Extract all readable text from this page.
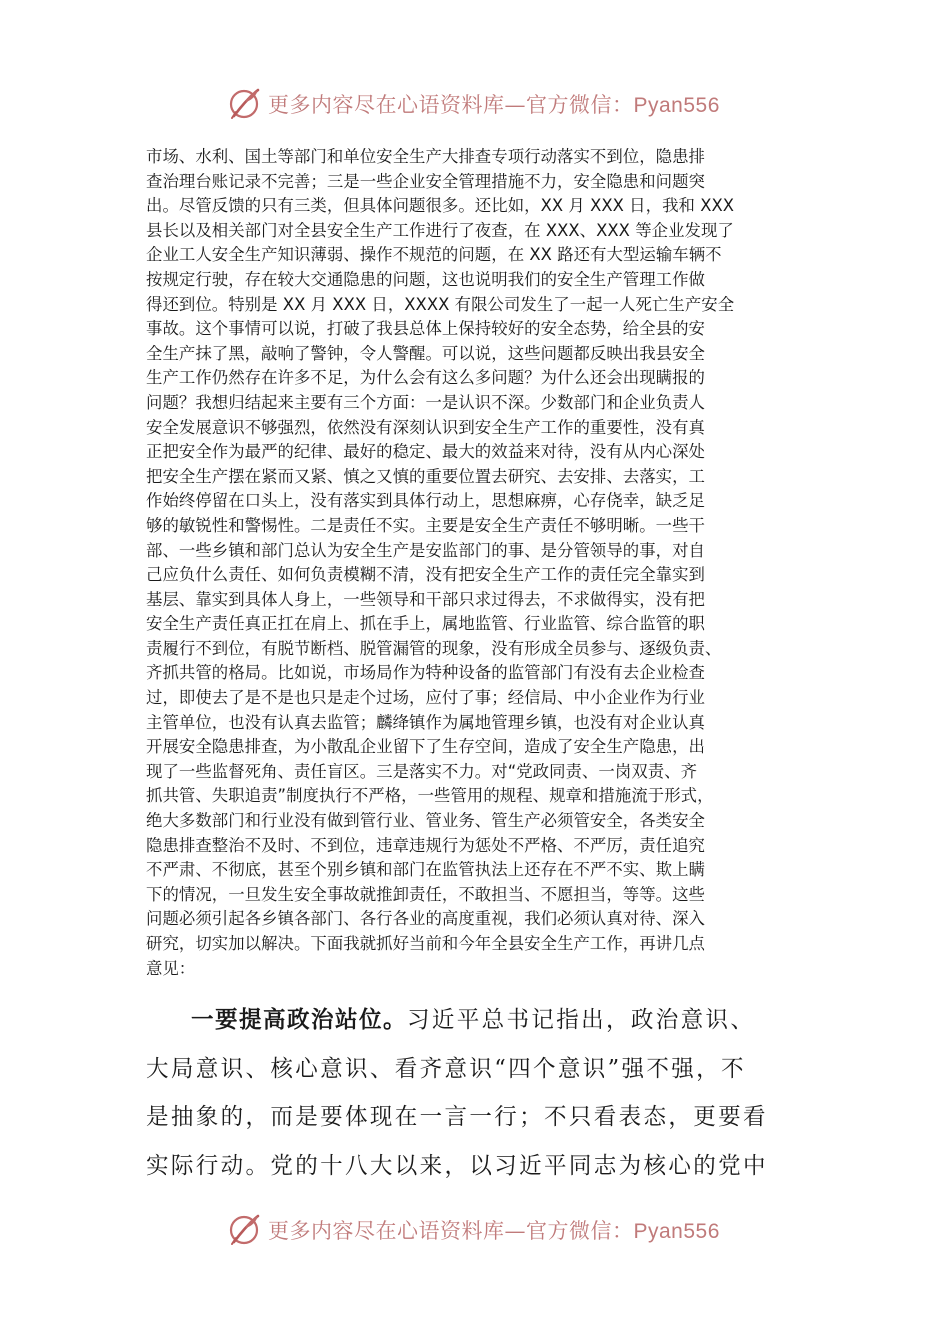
更多内容尽在心语资料库—官方微信：Pyan556
市场、水利、国土等部门和单位安全生产大排查专项行动落实不到位，隐患排
查治理台账记录不完善；三是一些企业安全管理措施不力，安全隐患和问题突
出。尽管反馈的只有三类，但具体问题很多。还比如，XX 月 XXX 日，我和 XXX
县长以及相关部门对全县安全生产工作进行了夜查，在 XXX、XXX 等企业发现了
企业工人安全生产知识薄弱、操作不规范的问题，在 XX 路还有大型运输车辆不
按规定行驶，存在较大交通隐患的问题，这也说明我们的安全生产管理工作做
得还到位。特别是 XX 月 XXX 日，XXXX 有限公司发生了一起一人死亡生产安全
事故。这个事情可以说，打破了我县总体上保持较好的安全态势，给全县的安
全生产抹了黑，敲响了警钟，令人警醒。可以说，这些问题都反映出我县安全
生产工作仍然存在许多不足，为什么会有这么多问题？为什么还会出现瞒报的
问题？我想归结起来主要有三个方面：一是认识不深。少数部门和企业负责人
安全发展意识不够强烈，依然没有深刻认识到安全生产工作的重要性，没有真
正把安全作为最严的纪律、最好的稳定、最大的效益来对待，没有从内心深处
把安全生产摆在紧而又紧、慎之又慎的重要位置去研究、去安排、去落实，工
作始终停留在口头上，没有落实到具体行动上，思想麻痹，心存侥幸，缺乏足
够的敏锐性和警惕性。二是责任不实。主要是安全生产责任不够明晰。一些干
部、一些乡镇和部门总认为安全生产是安监部门的事、是分管领导的事，对自
己应负什么责任、如何负责模糊不清，没有把安全生产工作的责任完全靠实到
基层、靠实到具体人身上，一些领导和干部只求过得去，不求做得实，没有把
安全生产责任真正扛在肩上、抓在手上，属地监管、行业监管、综合监管的职
责履行不到位，有脱节断档、脱管漏管的现象，没有形成全员参与、逐级负责、
齐抓共管的格局。比如说，市场局作为特种设备的监管部门有没有去企业检查
过，即使去了是不是也只是走个过场，应付了事；经信局、中小企业作为行业
主管单位，也没有认真去监管；麟绛镇作为属地管理乡镇，也没有对企业认真
开展安全隐患排查，为小散乱企业留下了生存空间，造成了安全生产隐患，出
现了一些监督死角、责任盲区。三是落实不力。对“党政同责、一岗双责、齐
抓共管、失职追责”制度执行不严格，一些管用的规程、规章和措施流于形式，
绝大多数部门和行业没有做到管行业、管业务、管生产必须管安全，各类安全
隐患排查整治不及时、不到位，违章违规行为惩处不严格、不严厉，责任追究
不严肃、不彻底，甚至个别乡镇和部门在监管执法上还存在不严不实、欺上瞒
下的情况，一旦发生安全事故就推卸责任，不敢担当、不愿担当，等等。这些
问题必须引起各乡镇各部门、各行各业的高度重视，我们必须认真对待、深入
研究，切实加以解决。下面我就抓好当前和今年全县安全生产工作，再讲几点
意见：
一要提高政治站位。习近平总书记指出，政治意识、
大局意识、核心意识、看齐意识“四个意识”强不强，不
是抽象的，而是要体现在一言一行；不只看表态，更要看
实际行动。党的十八大以来，以习近平同志为核心的党中
更多内容尽在心语资料库—官方微信：Pyan556
